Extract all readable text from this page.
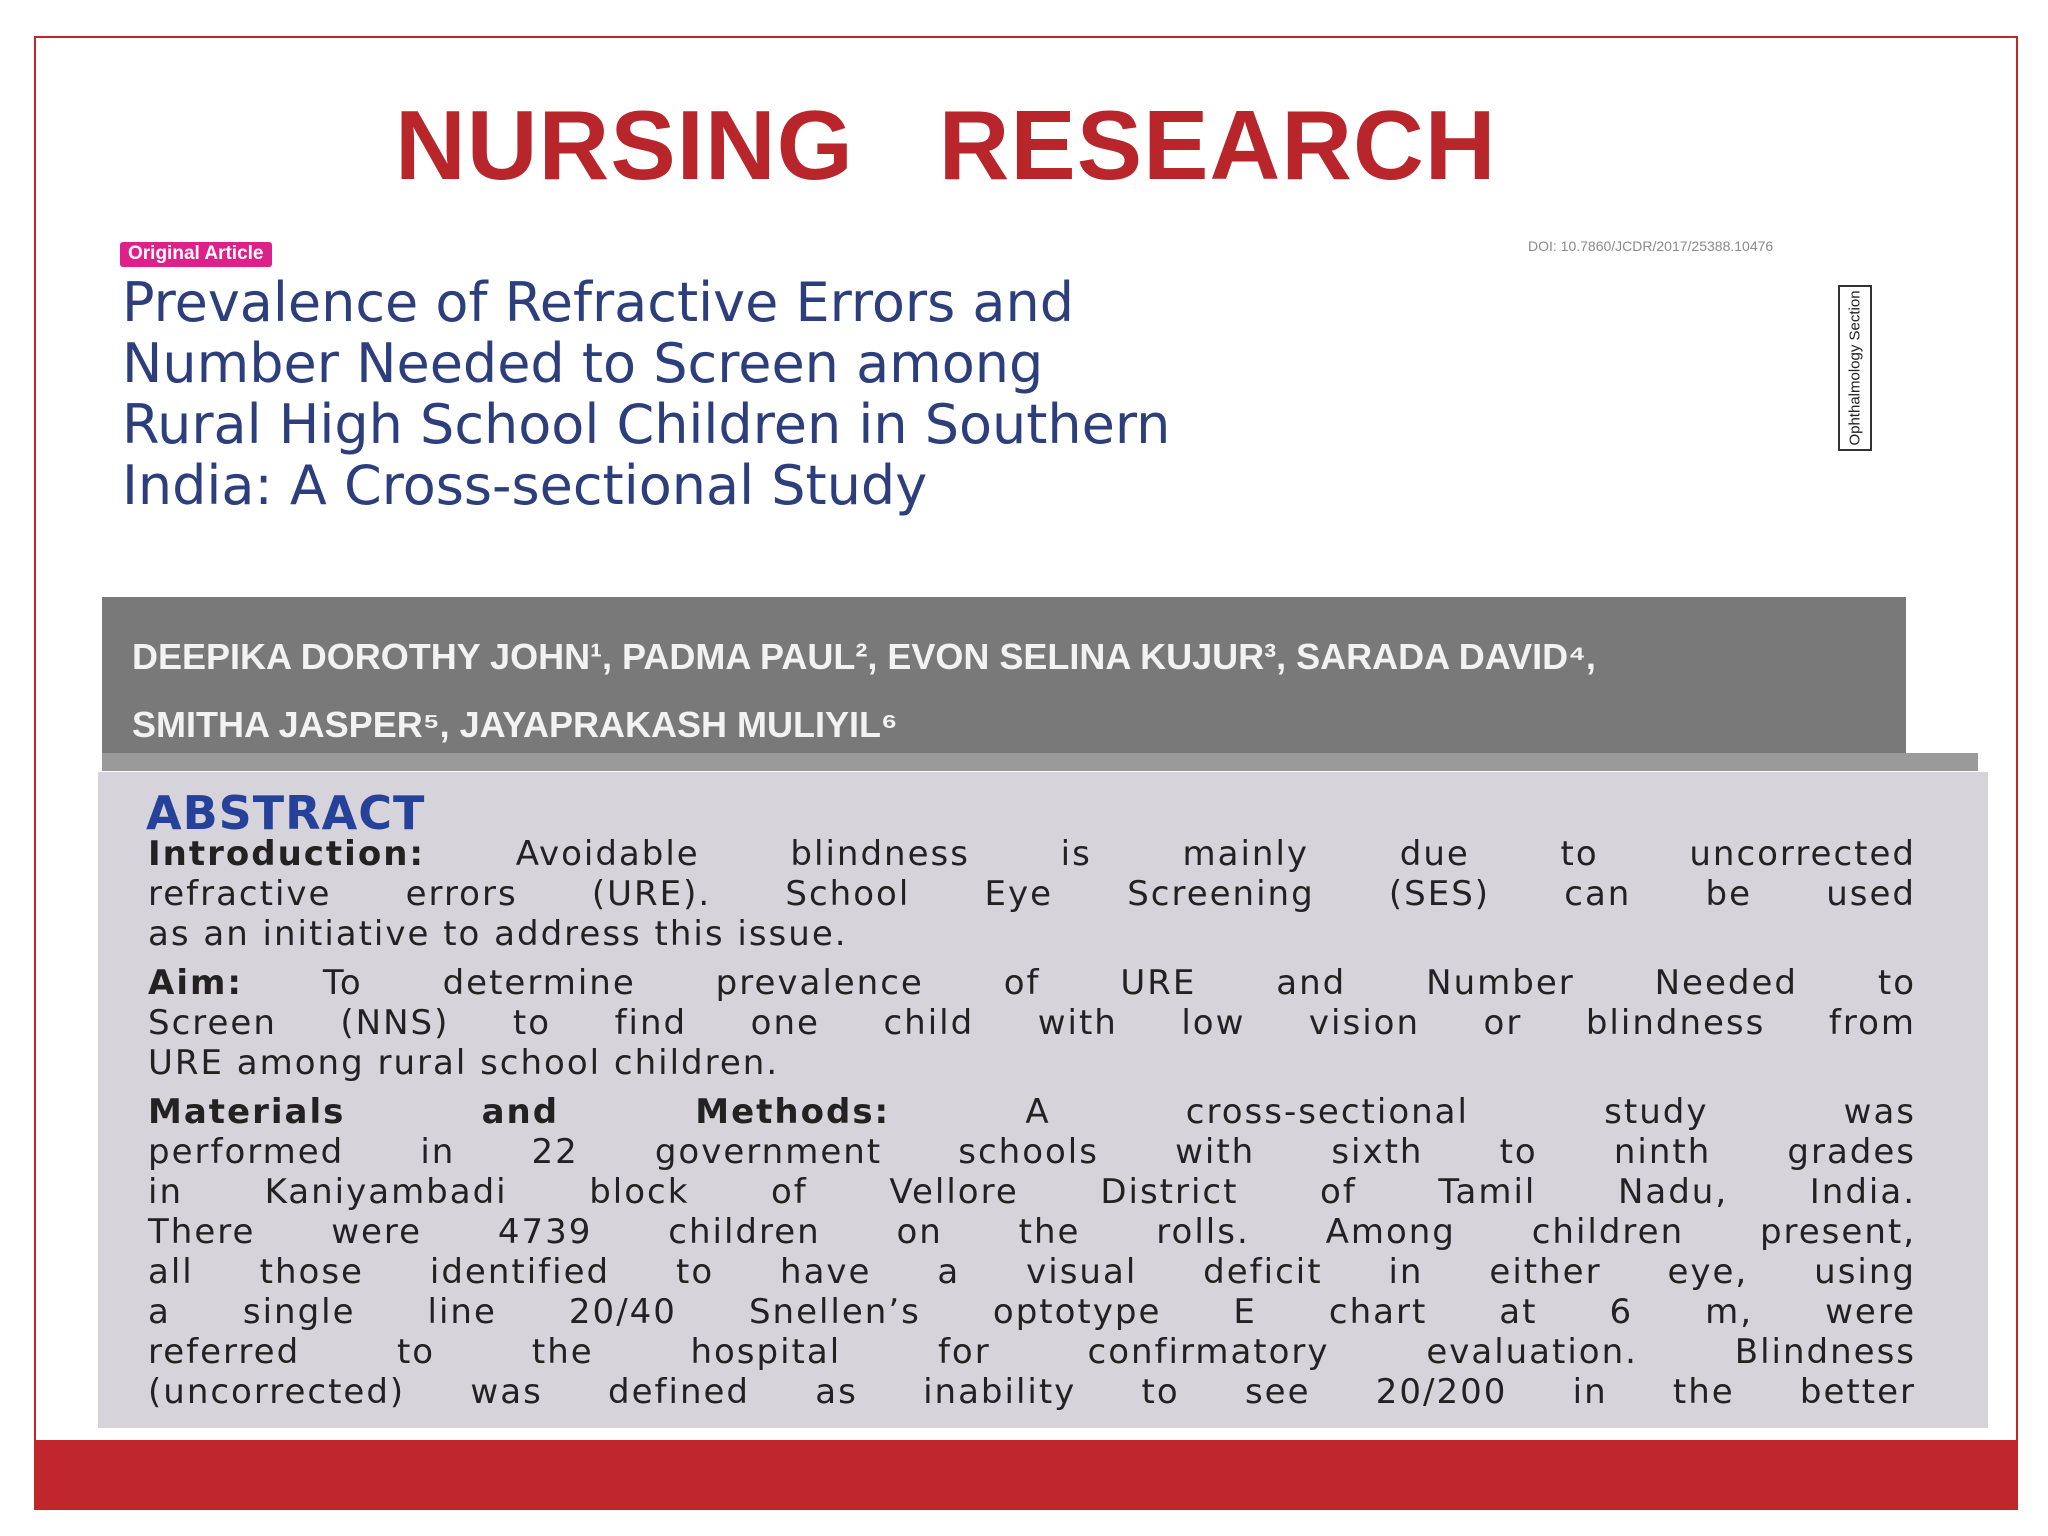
NURSING   RESEARCH
Original Article	DOI: 10.7860/JCDR/2017/25388.10476
Prevalence of Refractive Errors and
Number Needed to Screen among
Rural High School Children in Southern
India: A Cross-sectional Study
Ophthalmology Section
DEEPIKA DOROTHY JOHN¹, PADMA PAUL², EVON SELINA KUJUR³, SARADA DAVID⁴,
SMITHA JASPER⁵, JAYAPRAKASH MULIYIL⁶
ABSTRACT
Introduction: Avoidable blindness is mainly due to uncorrected
refractive errors (URE). School Eye Screening (SES) can be used
as an initiative to address this issue.
Aim: To determine prevalence of URE and Number Needed to
Screen (NNS) to find one child with low vision or blindness from
URE among rural school children.
Materials and Methods: A cross-sectional study was
performed in 22 government schools with sixth to ninth grades
in Kaniyambadi block of Vellore District of Tamil Nadu, India.
There were 4739 children on the rolls. Among children present,
all those identified to have a visual deficit in either eye, using
a single line 20/40 Snellen’s optotype E chart at 6 m, were
referred to the hospital for confirmatory evaluation. Blindness
(uncorrected) was defined as inability to see 20/200 in the better
